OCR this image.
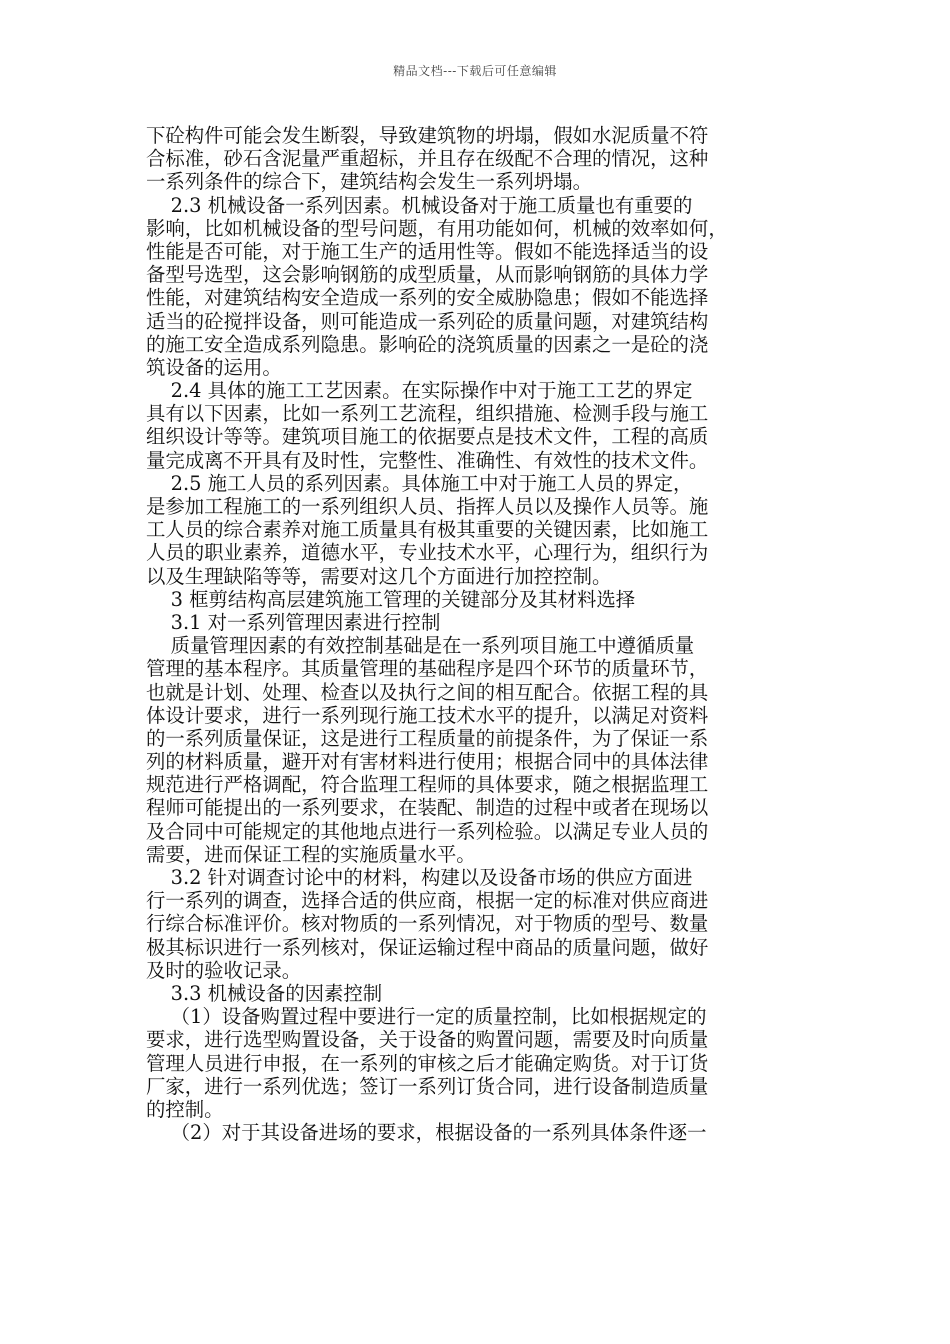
精品文档---下载后可任意编辑
下砼构件可能会发生断裂，导致建筑物的坍塌，假如水泥质量不符
合标准，砂石含泥量严重超标，并且存在级配不合理的情况，这种
一系列条件的综合下，建筑结构会发生一系列坍塌。
2.3 机械设备一系列因素。机械设备对于施工质量也有重要的
影响，比如机械设备的型号问题，有用功能如何，机械的效率如何，
性能是否可能，对于施工生产的适用性等。假如不能选择适当的设
备型号选型，这会影响钢筋的成型质量，从而影响钢筋的具体力学
性能，对建筑结构安全造成一系列的安全威胁隐患；假如不能选择
适当的砼搅拌设备，则可能造成一系列砼的质量问题，对建筑结构
的施工安全造成系列隐患。影响砼的浇筑质量的因素之一是砼的浇
筑设备的运用。
2.4 具体的施工工艺因素。在实际操作中对于施工工艺的界定
具有以下因素，比如一系列工艺流程，组织措施、检测手段与施工
组织设计等等。建筑项目施工的依据要点是技术文件，工程的高质
量完成离不开具有及时性，完整性、准确性、有效性的技术文件。
2.5 施工人员的系列因素。具体施工中对于施工人员的界定，
是参加工程施工的一系列组织人员、指挥人员以及操作人员等。施
工人员的综合素养对施工质量具有极其重要的关键因素，比如施工
人员的职业素养，道德水平，专业技术水平，心理行为，组织行为
以及生理缺陷等等，需要对这几个方面进行加控控制。
3 框剪结构高层建筑施工管理的关键部分及其材料选择
3.1 对一系列管理因素进行控制
质量管理因素的有效控制基础是在一系列项目施工中遵循质量
管理的基本程序。其质量管理的基础程序是四个环节的质量环节，
也就是计划、处理、检查以及执行之间的相互配合。依据工程的具
体设计要求，进行一系列现行施工技术水平的提升，以满足对资料
的一系列质量保证，这是进行工程质量的前提条件，为了保证一系
列的材料质量，避开对有害材料进行使用；根据合同中的具体法律
规范进行严格调配，符合监理工程师的具体要求，随之根据监理工
程师可能提出的一系列要求，在装配、制造的过程中或者在现场以
及合同中可能规定的其他地点进行一系列检验。以满足专业人员的
需要，进而保证工程的实施质量水平。
3.2 针对调查讨论中的材料，构建以及设备市场的供应方面进
行一系列的调查，选择合适的供应商，根据一定的标准对供应商进
行综合标准评价。核对物质的一系列情况，对于物质的型号、数量
极其标识进行一系列核对，保证运输过程中商品的质量问题，做好
及时的验收记录。
3.3 机械设备的因素控制
（1）设备购置过程中要进行一定的质量控制，比如根据规定的
要求，进行选型购置设备，关于设备的购置问题，需要及时向质量
管理人员进行申报，在一系列的审核之后才能确定购货。对于订货
厂家，进行一系列优选；签订一系列订货合同，进行设备制造质量
的控制。
（2）对于其设备进场的要求，根据设备的一系列具体条件逐一
